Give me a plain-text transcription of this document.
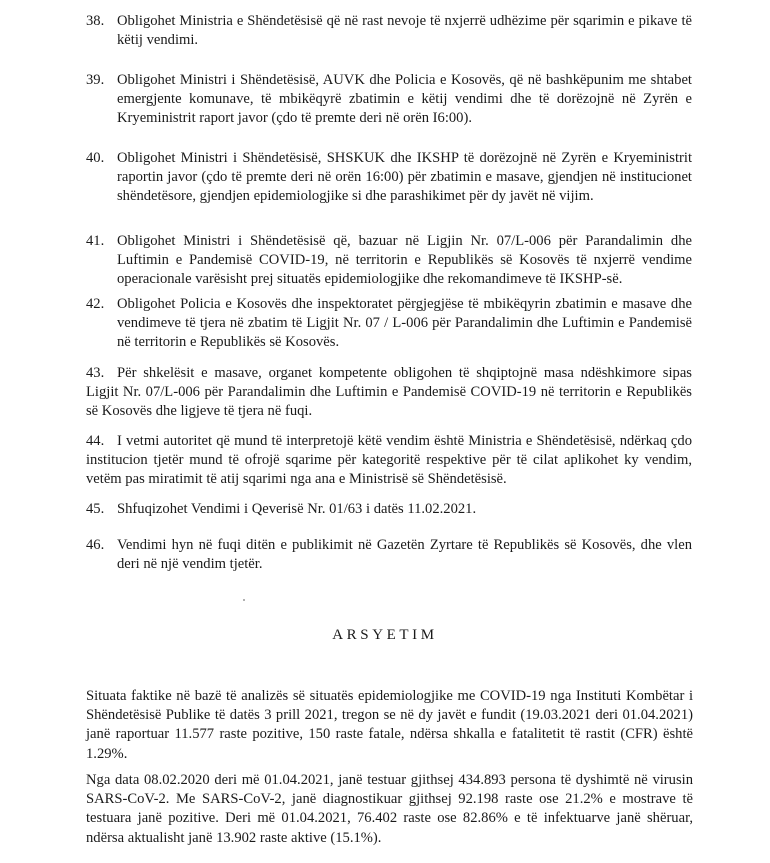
38. Obligohet Ministria e Shëndetësisë që në rast nevoje të nxjerrë udhëzime për sqarimin e pikave të këtij vendimi.
39. Obligohet Ministri i Shëndetësisë, AUVK dhe Policia e Kosovës, që në bashkëpunim me shtabet emergjente komunave, të mbikëqyrë zbatimin e këtij vendimi dhe të dorëzojnë në Zyrën e Kryeministrit raport javor (çdo të premte deri në orën I6:00).
40. Obligohet Ministri i Shëndetësisë, SHSKUK dhe IKSHP të dorëzojnë në Zyrën e Kryeministrit raportin javor (çdo të premte deri në orën 16:00) për zbatimin e masave, gjendjen në institucionet shëndetësore, gjendjen epidemiologjike si dhe parashikimet për dy javët në vijim.
41. Obligohet Ministri i Shëndetësisë që, bazuar në Ligjin Nr. 07/L-006 për Parandalimin dhe Luftimin e Pandemisë COVID-19, në territorin e Republikës së Kosovës të nxjerrë vendime operacionale varësisht prej situatës epidemiologjike dhe rekomandimeve të IKSHP-së.
42. Obligohet Policia e Kosovës dhe inspektoratet përgjegjëse të mbikëqyrin zbatimin e masave dhe vendimeve të tjera në zbatim të Ligjit Nr. 07 / L-006 për Parandalimin dhe Luftimin e Pandemisë në territorin e Republikës së Kosovës.
43. Për shkelësit e masave, organet kompetente obligohen të shqiptojnë masa ndëshkimore sipas Ligjit Nr. 07/L-006 për Parandalimin dhe Luftimin e Pandemisë COVID-19 në territorin e Republikës së Kosovës dhe ligjeve të tjera në fuqi.
44. I vetmi autoritet që mund të interpretojë këtë vendim është Ministria e Shëndetësisë, ndërkaq çdo institucion tjetër mund të ofrojë sqarime për kategoritë respektive për të cilat aplikohet ky vendim, vetëm pas miratimit të atij sqarimi nga ana e Ministrisë së Shëndetësisë.
45. Shfuqizohet Vendimi i Qeverisë Nr. 01/63 i datës 11.02.2021.
46. Vendimi hyn në fuqi ditën e publikimit në Gazetën Zyrtare të Republikës së Kosovës, dhe vlen deri në një vendim tjetër.
ARSYETIM
Situata faktike në bazë të analizës së situatës epidemiologjike me COVID-19 nga Instituti Kombëtar i Shëndetësisë Publike të datës 3 prill 2021, tregon se në dy javët e fundit (19.03.2021 deri 01.04.2021) janë raportuar 11.577 raste pozitive, 150 raste fatale, ndërsa shkalla e fatalitetit të rastit (CFR) është 1.29%.
Nga data 08.02.2020 deri më 01.04.2021, janë testuar gjithsej 434.893 persona të dyshimtë në virusin SARS-CoV-2. Me SARS-CoV-2, janë diagnostikuar gjithsej 92.198 raste ose 21.2% e mostrave të testuara janë pozitive. Deri më 01.04.2021, 76.402 raste ose 82.86% e të infektuarve janë shëruar, ndërsa aktualisht janë 13.902 raste aktive (15.1%).
